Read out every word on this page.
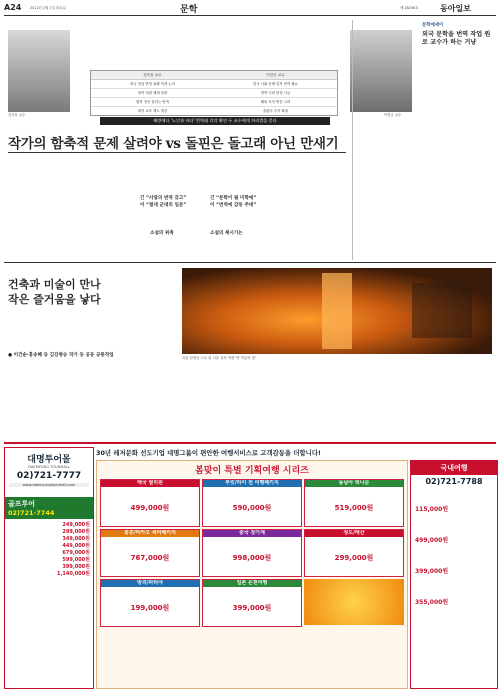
A24	2012년 2월 7일 화요일	문학	제 28256호	동아일보
김욱동 교수	이찬규 교수
김욱동 교수	이찬규 교수
외국 현실 반영 위해 학계 논의	한국 사회 문제 밀착 번역 필요
창작 지원 체계 강화	번역 인력 양성 시급
원작 정신 살리는 번역	해외 독자 반응 고려
대학 교육 제도 개선	출판사 투자 확대
해방에다 '노인과 바다' 번역돼 각각 확연 두 교수에게 처리법을 묻다
작가의 함축적 문제 살려야 vs 돌핀은 돌고래 아닌 만새기
긴 “사랑의 번역 갖고”
이 “절대 군대의 일본”
소설의 위축	소설의 제시기는
긴 “문학이 될 미학에”
이 “번역에 감동 주네”
문학에세이
외국 문학을 번역 작업 원로 교수가 하는 거냥
건축과 미술이 만나
작은 즐거움을 낳다
서울 삼청동 도로 위 서울 설치 작품 '반 여름의 빛'
● 이건순·홍송혜 등 김강병승 작가 등 공동 공통작업
대명투어몰
DAEMYUNG TOURMALL
02)721-7777
www.daemyungtourmall.com
골프투어
02)721-7744
249,000원
299,000원
349,000원
449,000원
679,000원
599,000원
399,000원
1,140,000원
30년 레저문화 선도기업 대명그룹이 편안한 여행서비스로 고객감동을 더합니다!
봄맞이 특별 기획여행 시리즈
태국 필리핀
499,000원
부킷/하이 전 여행패키지
590,000원
동남아 허니문
519,000원
홍콩/마카오 세미패키지
767,000원
중국 장가계
998,000원
청도/태산
299,000원
방콕/파타야
199,000원
일본 온천여행
399,000원
국내여행
02)721-7788
115,000원
499,000원
399,000원
355,000원
